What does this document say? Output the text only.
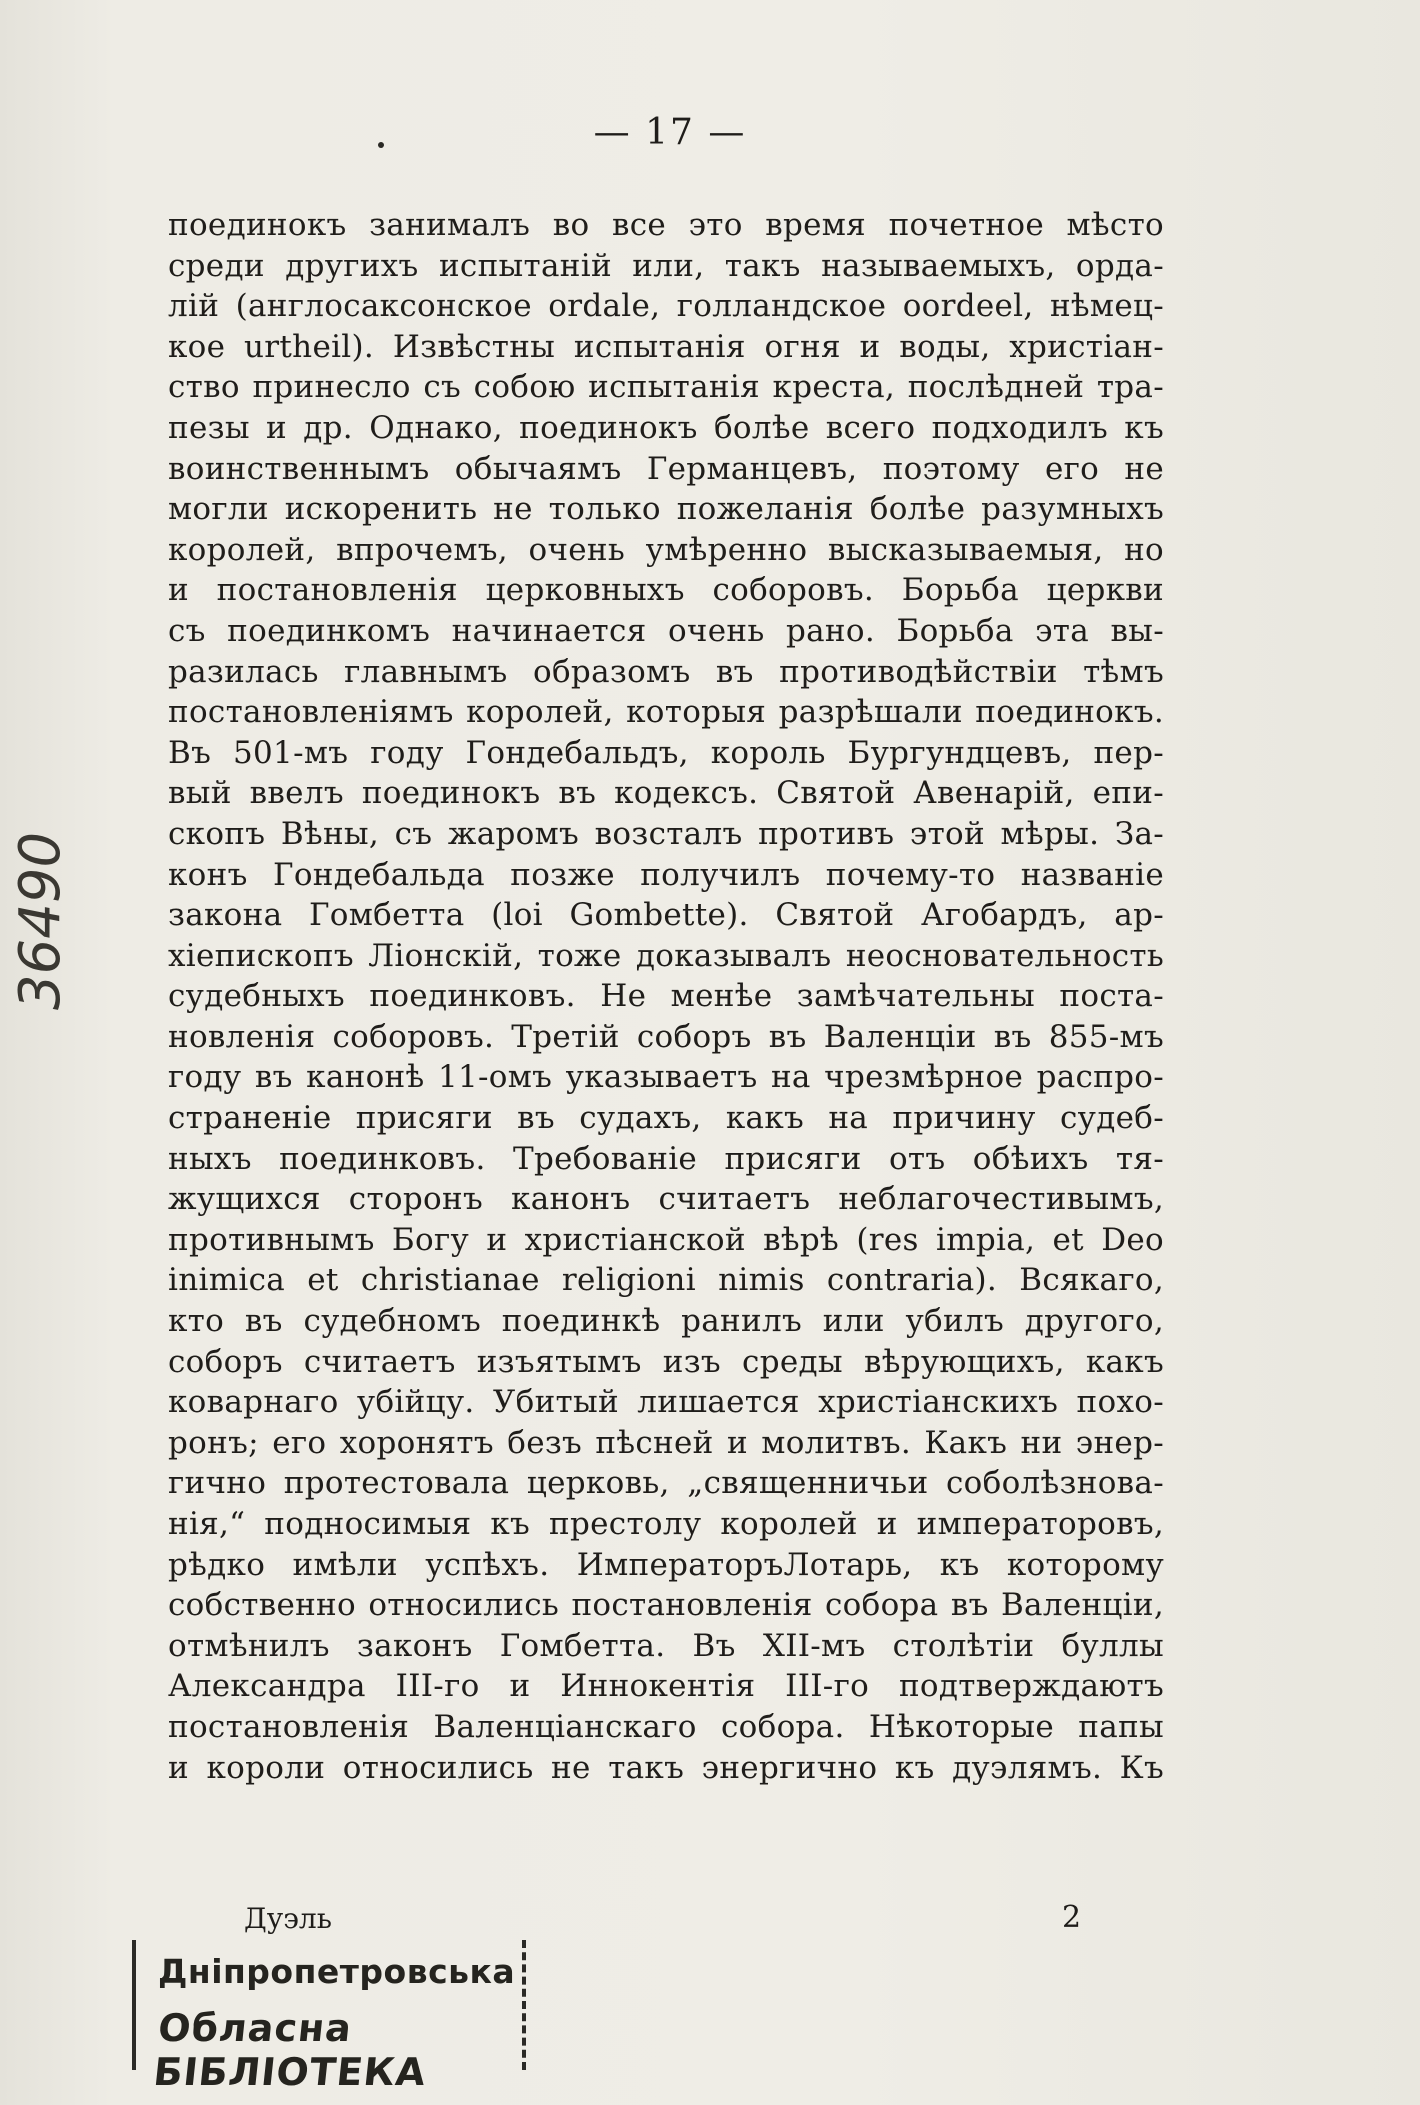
— 17 —
поединокъ занималъ во все это время почетное мѣсто
среди другихъ испытаній или, такъ называемыхъ, орда-
лій (англосаксонское ordale, голландское oordeel, нѣмец-
кое urtheil). Извѣстны испытанія огня и воды, христіан-
ство принесло съ собою испытанія креста, послѣдней тра-
пезы и др. Однако, поединокъ болѣе всего подходилъ къ
воинственнымъ обычаямъ Германцевъ, поэтому его не
могли искоренить не только пожеланія болѣе разумныхъ
королей, впрочемъ, очень умѣренно высказываемыя, но
и постановленія церковныхъ соборовъ. Борьба церкви
съ поединкомъ начинается очень рано. Борьба эта вы-
разилась главнымъ образомъ въ противодѣйствіи тѣмъ
постановленіямъ королей, которыя разрѣшали поединокъ.
Въ 501-мъ году Гондебальдъ, король Бургундцевъ, пер-
вый ввелъ поединокъ въ кодексъ. Святой Авенарій, епи-
скопъ Вѣны, съ жаромъ возсталъ противъ этой мѣры. За-
конъ Гондебальда позже получилъ почему-то названіе
закона Гомбетта (loi Gombette). Святой Агобардъ, ар-
хіепископъ Ліонскій, тоже доказывалъ неосновательность
судебныхъ поединковъ. Не менѣе замѣчательны поста-
новленія соборовъ. Третій соборъ въ Валенціи въ 855-мъ
году въ канонѣ 11-омъ указываетъ на чрезмѣрное распро-
страненіе присяги въ судахъ, какъ на причину судеб-
ныхъ поединковъ. Требованіе присяги отъ обѣихъ тя-
жущихся сторонъ канонъ считаетъ неблагочестивымъ,
противнымъ Богу и христіанской вѣрѣ (res impia, et Deo
inimica et christianae religioni nimis contraria). Всякаго,
кто въ судебномъ поединкѣ ранилъ или убилъ другого,
соборъ считаетъ изъятымъ изъ среды вѣрующихъ, какъ
коварнаго убійцу. Убитый лишается христіанскихъ похо-
ронъ; его хоронятъ безъ пѣсней и молитвъ. Какъ ни энер-
гично протестовала церковь, „священничьи соболѣзнова-
нія,“ подносимыя къ престолу королей и императоровъ,
рѣдко имѣли успѣхъ. ИмператоръЛотарь, къ которому
собственно относились постановленія собора въ Валенціи,
отмѣнилъ законъ Гомбетта. Въ XII-мъ столѣтіи буллы
Александра III-го и Иннокентія III-го подтверждаютъ
постановленія Валенціанскаго собора. Нѣкоторые папы
и короли относились не такъ энергично къ дуэлямъ. Къ
Дуэль	2
36490
Дніпропетровська
Обласна БІБЛІОТЕКА
